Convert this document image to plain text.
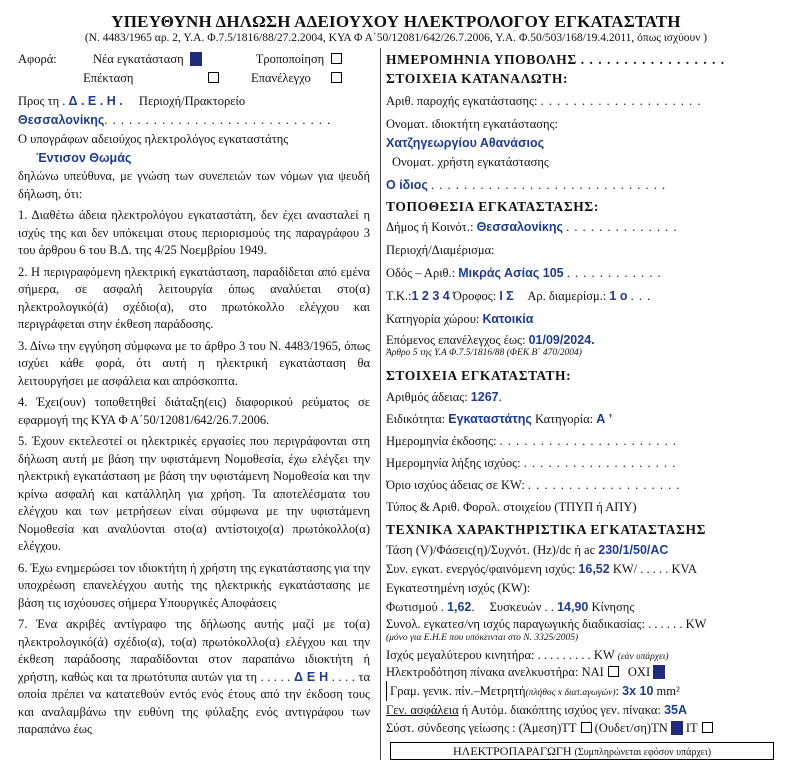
ΥΠΕΥΘΥΝΗ ΔΗΛΩΣΗ ΑΔΕΙΟΥΧΟΥ ΗΛΕΚΤΡΟΛΟΓΟΥ ΕΓΚΑΤΑΣΤΑΤΗ
(Ν. 4483/1965 αρ. 2, Υ.Α. Φ.7.5/1816/88/27.2.2004, ΚΥΑ Φ Α΄50/12081/642/26.7.2006, Υ.Α. Φ.50/503/168/19.4.2011, όπως ισχύουν )
Αφορά:	Νέα εγκατάσταση	Τροποποίηση
Επέκταση	Επανέλεγχο
Προς τη . Δ . Ε . Η . Περιοχή/Πρακτορείο
Θεσσαλονίκης. . . . . . . . . . . . . . . . . . . . . . . . . . . .
Ο υπογράφων αδειούχος ηλεκτρολόγος εγκαταστάτης
Έντισον Θωμάς

δηλώνω υπεύθυνα, με γνώση των συνεπειών των νόμων για ψευδή δήλωση, ότι:

1. Διαθέτω άδεια ηλεκτρολόγου εγκαταστάτη, δεν έχει ανασταλεί η ισχύς της και δεν υπόκειμαι στους περιορισμούς της παραγράφου 3 του άρθρου 6 του Β.Δ. της 4/25 Νοεμβρίου 1949.

2. Η περιγραφόμενη ηλεκτρική εγκατάσταση, παραδίδεται από εμένα σήμερα, σε ασφαλή λειτουργία όπως αναλύεται στο(α) ηλεκτρολογικό(ά) σχέδιο(α), στο πρωτόκολλο ελέγχου και περιγράφεται στην έκθεση παράδοσης.

3. Δίνω την εγγύηση σύμφωνα με το άρθρο 3 του Ν. 4483/1965, όπως ισχύει κάθε φορά, ότι αυτή η ηλεκτρική εγκατάσταση θα λειτουργήσει με ασφάλεια και απρόσκοπτα.

4. Έχει(ουν) τοποθετηθεί διάταξη(εις) διαφορικού ρεύματος σε εφαρμογή της ΚΥΑ Φ Α΄50/12081/642/26.7.2006.

5. Έχουν εκτελεστεί οι ηλεκτρικές εργασίες που περιγράφονται στη δήλωση αυτή με βάση την υφιστάμενη Νομοθεσία, έχω ελέγξει την ηλεκτρική εγκατάσταση με βάση την υφιστάμενη Νομοθεσία και την κρίνω ασφαλή και κατάλληλη για χρήση. Τα αποτελέσματα του ελέγχου και των μετρήσεων είναι σύμφωνα με την υφιστάμενη Νομοθεσία και αναλύονται στο(α) αντίστοιχο(α) πρωτόκολλο(α) ελέγχου.

6. Έχω ενημερώσει τον ιδιοκτήτη ή χρήστη της εγκατάστασης για την υποχρέωση επανελέγχου αυτής της ηλεκτρικής εγκατάστασης με βάση τις ισχύουσες σήμερα Υπουργικές Αποφάσεις

7. Ένα ακριβές αντίγραφο της δήλωσης αυτής μαζί με το(α) ηλεκτρολογικό(ά) σχέδιο(α), το(α) πρωτόκολλο(α) ελέγχου και την έκθεση παράδοσης παραδίδονται στον παραπάνω ιδιοκτήτη ή χρήστη, καθώς και τα πρωτότυπα αυτών για τη . . . . . Δ Ε Η . . . . τα οποία πρέπει να κατατεθούν εντός ενός έτους από την έκδοση τους και αναλαμβάνω την ευθύνη της φύλαξης ενός αντιγράφου των παραπάνω έως

ΗΜΕΡΟΜΗΝΙΑ ΥΠΟΒΟΛΗΣ . . . . . . . . . . . . . . . . .
ΣΤΟΙΧΕΙΑ ΚΑΤΑΝΑΛΩΤΗ:
Αριθ. παροχής εγκατάστασης: . . . . . . . . . . . . . . . . . . . .
Ονοματ. ιδιοκτήτη εγκατάστασης:
Χατζηγεωργίου Αθανάσιος
Ονοματ. χρήστη εγκατάστασης
Ο ίδιος . . . . . . . . . . . . . . . . . . . . . . . . . . . . .
ΤΟΠΟΘΕΣΙΑ ΕΓΚΑΤΑΣΤΑΣΗΣ:
Δήμος ή Κοινότ.: Θεσσαλονίκης . . . . . . . . . . . . . .
Περιοχή/Διαμέρισμα:
Οδός – Αριθ.: Μικράς Ασίας 105 . . . . . . . . . . . .
Τ.Κ.:1 2 3 4 Όροφος: Ι Σ Αρ. διαμερίσμ.: 1 ο . . .
Κατηγορία χώρου: Κατοικία
Επόμενος επανέλεγχος έως: 01/09/2024.
Άρθρο 5 της Υ.Α Φ.7.5/1816/88 (ΦΕΚ Β΄ 470/2004)
ΣΤΟΙΧΕΙΑ ΕΓΚΑΤΑΣΤΑΤΗ:
Αριθμός άδειας: 1267.
Ειδικότητα: Εγκαταστάτης Κατηγορία: Α ’
Ημερομηνία έκδοσης: . . . . . . . . . . . . . . . . . . . . . .
Ημερομηνία λήξης ισχύος: . . . . . . . . . . . . . . . . . . .
Όριο ισχύος άδειας σε KW: . . . . . . . . . . . . . . . . . . .
Τύπος & Αριθ. Φορολ. στοιχείου (ΤΠΥΠ ή ΑΠΥ)
ΤΕΧΝΙΚΑ ΧΑΡΑΚΤΗΡΙΣΤΙΚΑ ΕΓΚΑΤΑΣΤΑΣΗΣ
Τάση (V)/Φάσεις(η)/Συχνότ. (Hz)/dc ή ac 230/1/50/AC
Συν. εγκατ. ενεργός/φαινόμενη ισχύς: 16,52 KW/ . . . . . KVA
Εγκατεστημένη ισχύς (KW):
Φωτισμού . 1,62. Συσκευών . . 14,90 Κίνησης
Συνολ. εγκατεσ/νη ισχύς παραγωγικής διαδικασίας: . . . . . . KW
(μόνο για Ε.Η.Ε που υπόκεινται στο Ν. 3325/2005)
Ισχύς μεγαλύτερου κινητήρα: . . . . . . . . . KW (εάν υπάρχει)
Ηλεκτροδότηση πίνακα ανελκυστήρα: ΝΑΙ ΟΧΙ
Γραμ. γενικ. πίν.–Μετρητή(πλήθος x διατ.αγωγών): 3x 10 mm²
Γεν. ασφάλεια ή Αυτόμ. διακόπτης ισχύος γεν. πίνακα: 35A
Σύστ. σύνδεσης γείωσης : (Άμεση)ΤΤ (Ουδετ/ση)ΤΝ IT
ΗΛΕΚΤΡΟΠΑΡΑΓΩΓΗ (Συμπληρώνεται εφόσον υπάρχει)
